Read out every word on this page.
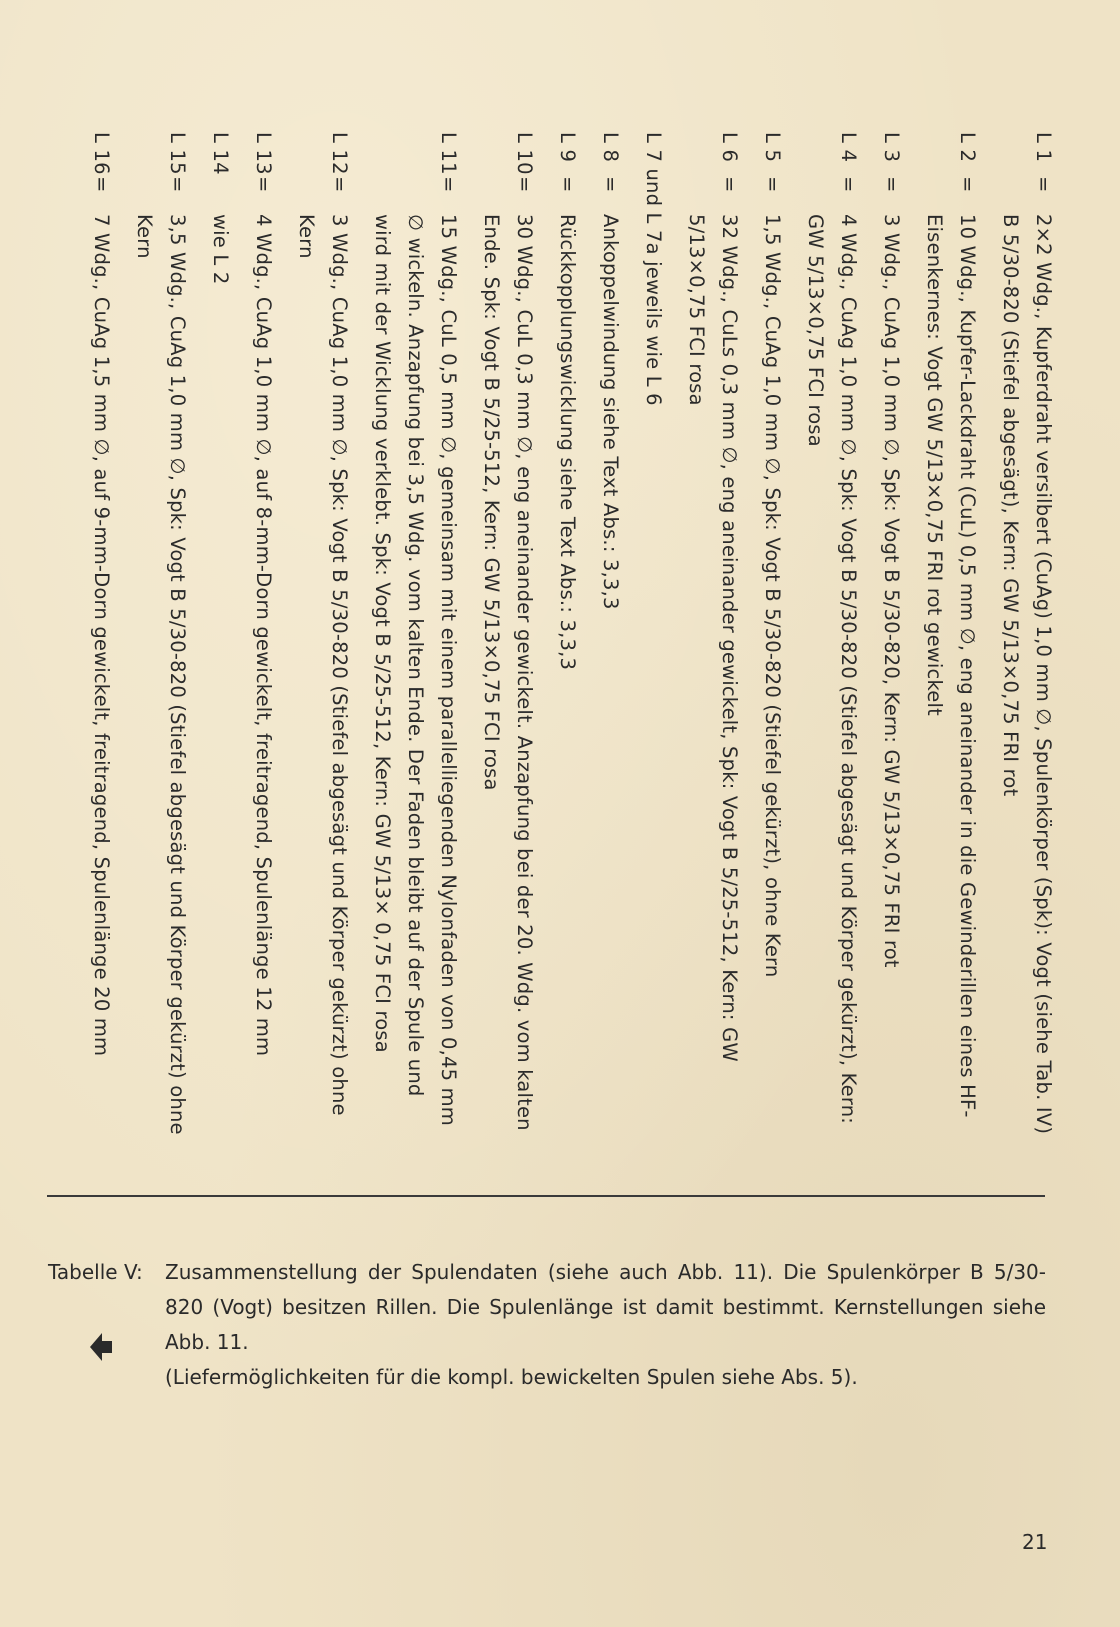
L 1
=
2×2 Wdg., Kupferdraht versilbert (CuAg) 1,0 mm ∅, Spulenkörper (Spk): Vogt (siehe Tab. IV) B 5/30-820 (Stiefel abgesägt), Kern: GW 5/13×0,75 FRI rot
L 2
=
10 Wdg., Kupfer-Lackdraht (CuL) 0,5 mm ∅, eng aneinander in die Gewinderillen eines HF-Eisenkernes: Vogt GW 5/13×0,75 FRI rot gewickelt
L 3
=
3 Wdg., CuAg 1,0 mm ∅, Spk: Vogt B 5/30-820, Kern: GW 5/13×0,75 FRI rot
L 4
=
4 Wdg., CuAg 1,0 mm ∅, Spk: Vogt B 5/30-820 (Stiefel abgesägt und Körper gekürzt), Kern: GW 5/13×0,75 FCI rosa
L 5
=
1,5 Wdg., CuAg 1,0 mm ∅, Spk: Vogt B 5/30-820 (Stiefel gekürzt), ohne Kern
L 6
=
32 Wdg., CuLs 0,3 mm ∅, eng aneinander gewickelt, Spk: Vogt B 5/25-512, Kern: GW 5/13×0,75 FCI rosa
L 7 und L 7a jeweils wie L 6
L 8
=
Ankoppelwindung siehe Text Abs.: 3,3,3
L 9
=
Rückkopplungswicklung siehe Text Abs.: 3,3,3
L 10
=
30 Wdg., CuL 0,3 mm ∅, eng aneinander gewickelt. Anzapfung bei der 20. Wdg. vom kalten Ende. Spk: Vogt B 5/25-512, Kern: GW 5/13×0,75 FCI rosa
L 11
=
15 Wdg., CuL 0,5 mm ∅, gemeinsam mit einem parallelliegenden Nylonfaden von 0,45 mm ∅ wickeln. Anzapfung bei 3,5 Wdg. vom kalten Ende. Der Faden bleibt auf der Spule und wird mit der Wicklung verklebt. Spk: Vogt B 5/25-512, Kern: GW 5/13× 0,75 FCI rosa
L 12
=
3 Wdg., CuAg 1,0 mm ∅, Spk: Vogt B 5/30-820 (Stiefel abgesägt und Körper gekürzt) ohne Kern
L 13
=
4 Wdg., CuAg 1,0 mm ∅, auf 8-mm-Dorn gewickelt, freitragend, Spulenlänge 12 mm
L 14
wie L 2
L 15
=
3,5 Wdg., CuAg 1,0 mm ∅, Spk: Vogt B 5/30-820 (Stiefel abgesägt und Körper gekürzt) ohne Kern
L 16
=
7 Wdg., CuAg 1,5 mm ∅, auf 9-mm-Dorn gewickelt, freitragend, Spulenlänge 20 mm
Tabelle V: Zusammenstellung der Spulendaten (siehe auch Abb. 11). Die Spulenkörper B 5/30-820 (Vogt) besitzen Rillen. Die Spulenlänge ist damit bestimmt. Kernstellungen siehe Abb. 11.
(Liefermöglichkeiten für die kompl. bewickelten Spulen siehe Abs. 5).
21
